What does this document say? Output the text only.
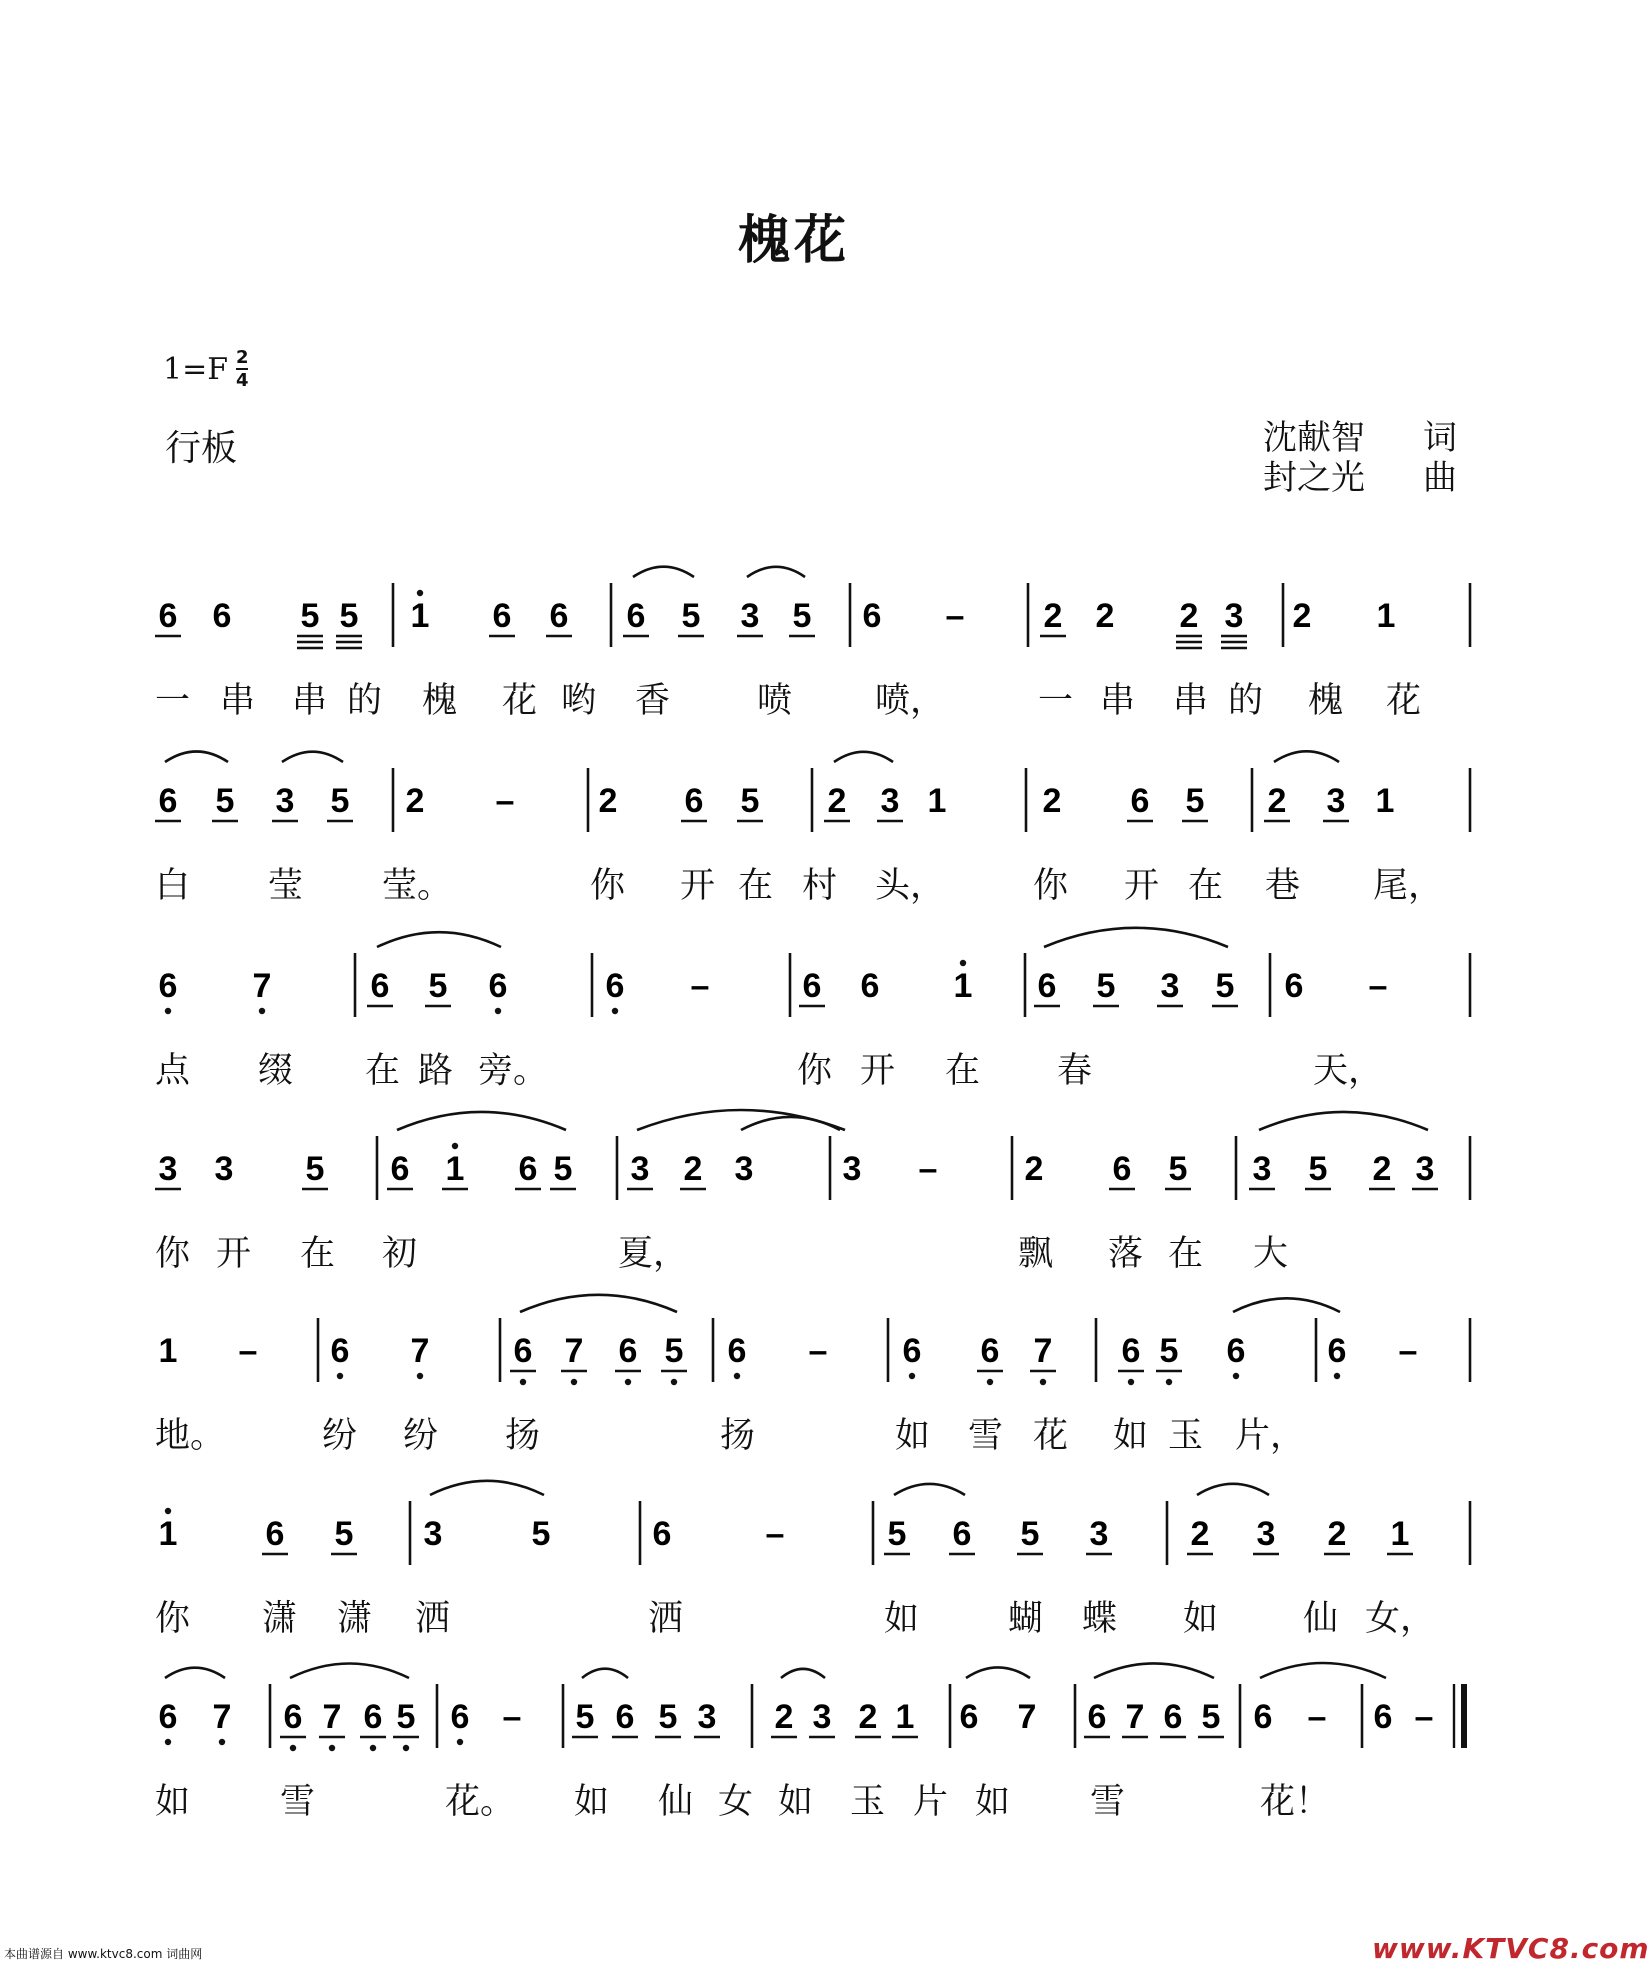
槐花
1=F 2
4
行板	沈献智 词
封之光 曲
6 6 5 5 1 6 6 6 5 3 5 6 – 2 2 2 3 2 1
6 5 3 5 2 – 2 6 5 2 3 1	2 6 5 2 3 1
6 7	6 5 6	6 –	6 6 1 6 5 3 5 6 –
3 3 5 6 1 6 5 3 2 3	3 –	2 6 5 3 5 2 3
1 – 6 7 6 7 6 5 6 – 6 6 7 6 5 6 6 –
1	6 5 3	5	6	–	5 6 5 3 2 3 2 1
6 7 6 7 6 5 6 – 5 6 5 3 2 3 2 1 6 7 6 7 6 5 6 – 6 –
一 串 串 的 槐 花 哟 香 喷 喷，	一 串 串 的 槐 花
白 莹 莹。	你 开 在 村 头，	你 开 在 巷 尾，
点 缀 在 路 旁。	你 开 在 春	天，
你 开 在 初	夏，	飘 落 在 大
地。	纷 纷 扬	扬	如 雪 花 如 玉 片，
你 潇 潇 洒	洒	如	蝴 蝶 如 仙 女，
如	雪	花。 如 仙 女 如 玉 片 如 雪	花！
本曲谱源自 www.ktvc8.com 词曲网	www.KTVC8.com
